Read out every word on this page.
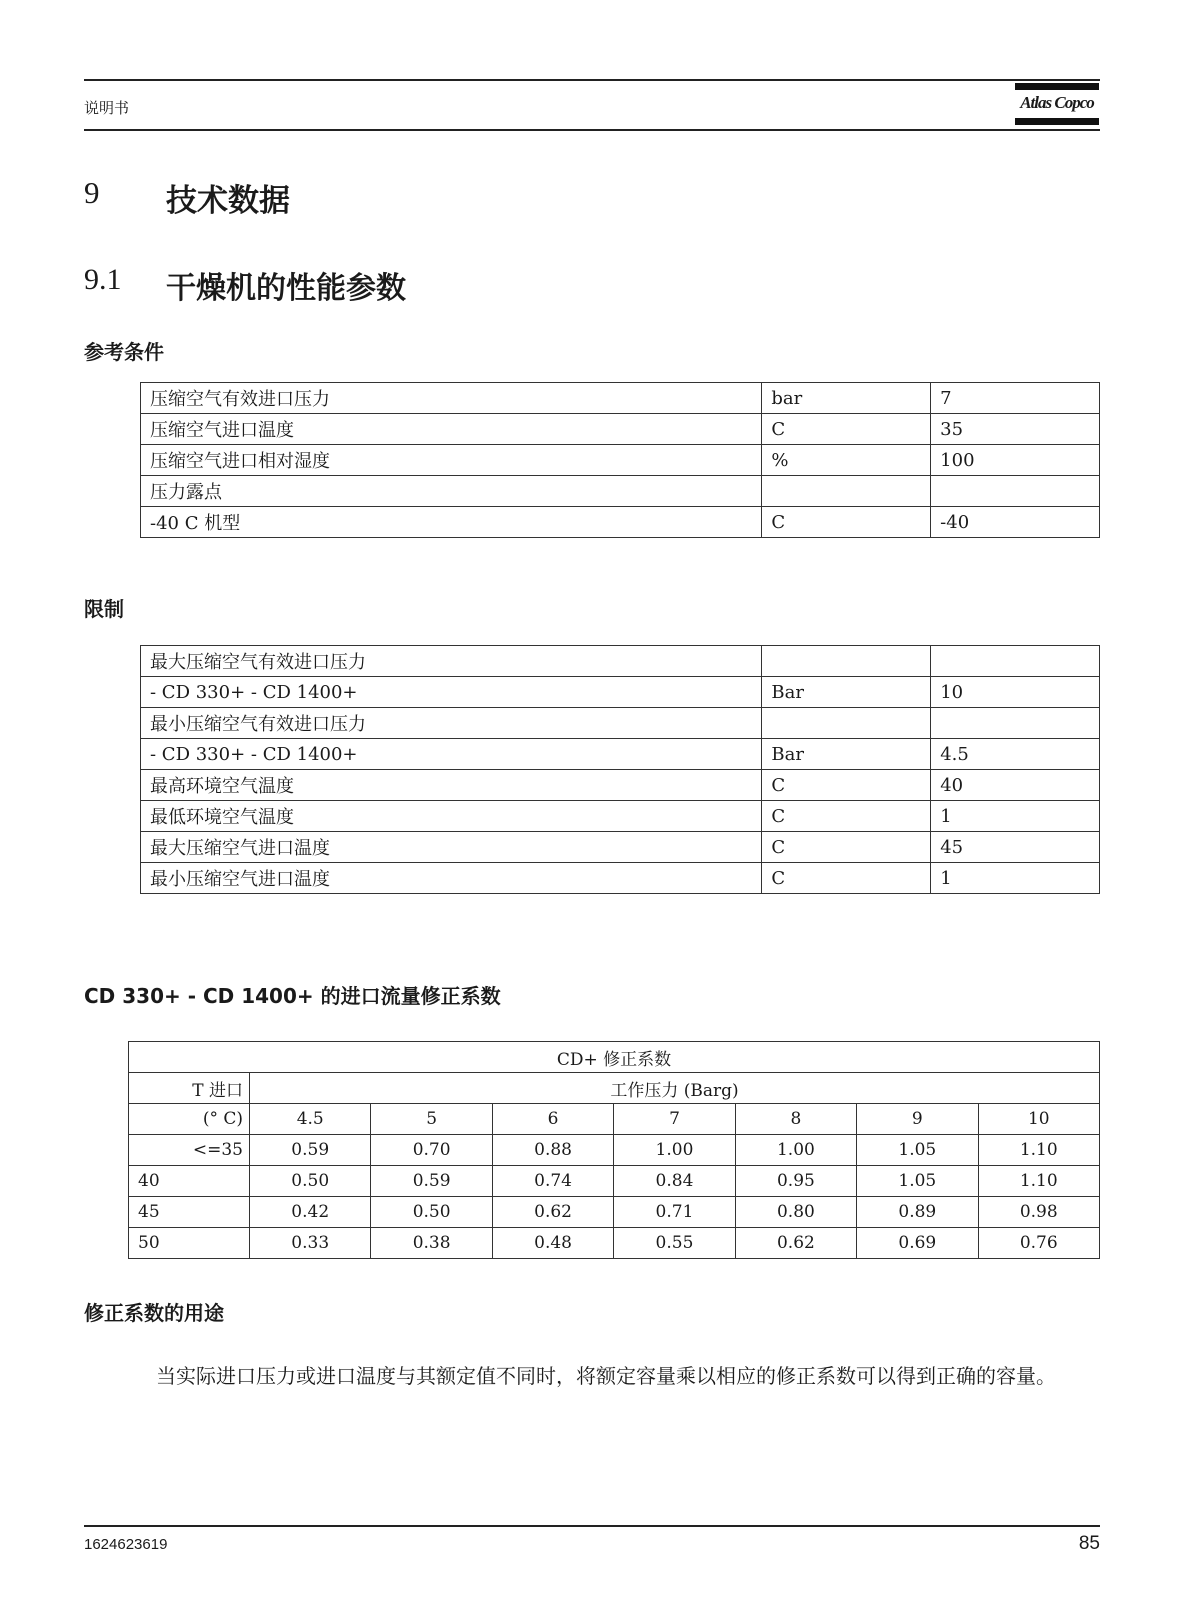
说明书	Atlas Copco
9 技术数据
9.1 干燥机的性能参数
参考条件
压缩空气有效进口压力	bar	7
压缩空气进口温度	C	35
压缩空气进口相对湿度	%	100
压力露点		
-40 C 机型	C	-40
限制
最大压缩空气有效进口压力		
- CD 330+ - CD 1400+	Bar	10
最小压缩空气有效进口压力		
- CD 330+ - CD 1400+	Bar	4.5
最高环境空气温度	C	40
最低环境空气温度	C	1
最大压缩空气进口温度	C	45
最小压缩空气进口温度	C	1
CD 330+ - CD 1400+ 的进口流量修正系数
CD+ 修正系数							
T 进口	工作压力 (Barg)						
(° C)	4.5	5	6	7	8	9	10
<=35	0.59	0.70	0.88	1.00	1.00	1.05	1.10
40	0.50	0.59	0.74	0.84	0.95	1.05	1.10
45	0.42	0.50	0.62	0.71	0.80	0.89	0.98
50	0.33	0.38	0.48	0.55	0.62	0.69	0.76
修正系数的用途
当实际进口压力或进口温度与其额定值不同时，将额定容量乘以相应的修正系数可以得到正确的容量。
1624623619	85
